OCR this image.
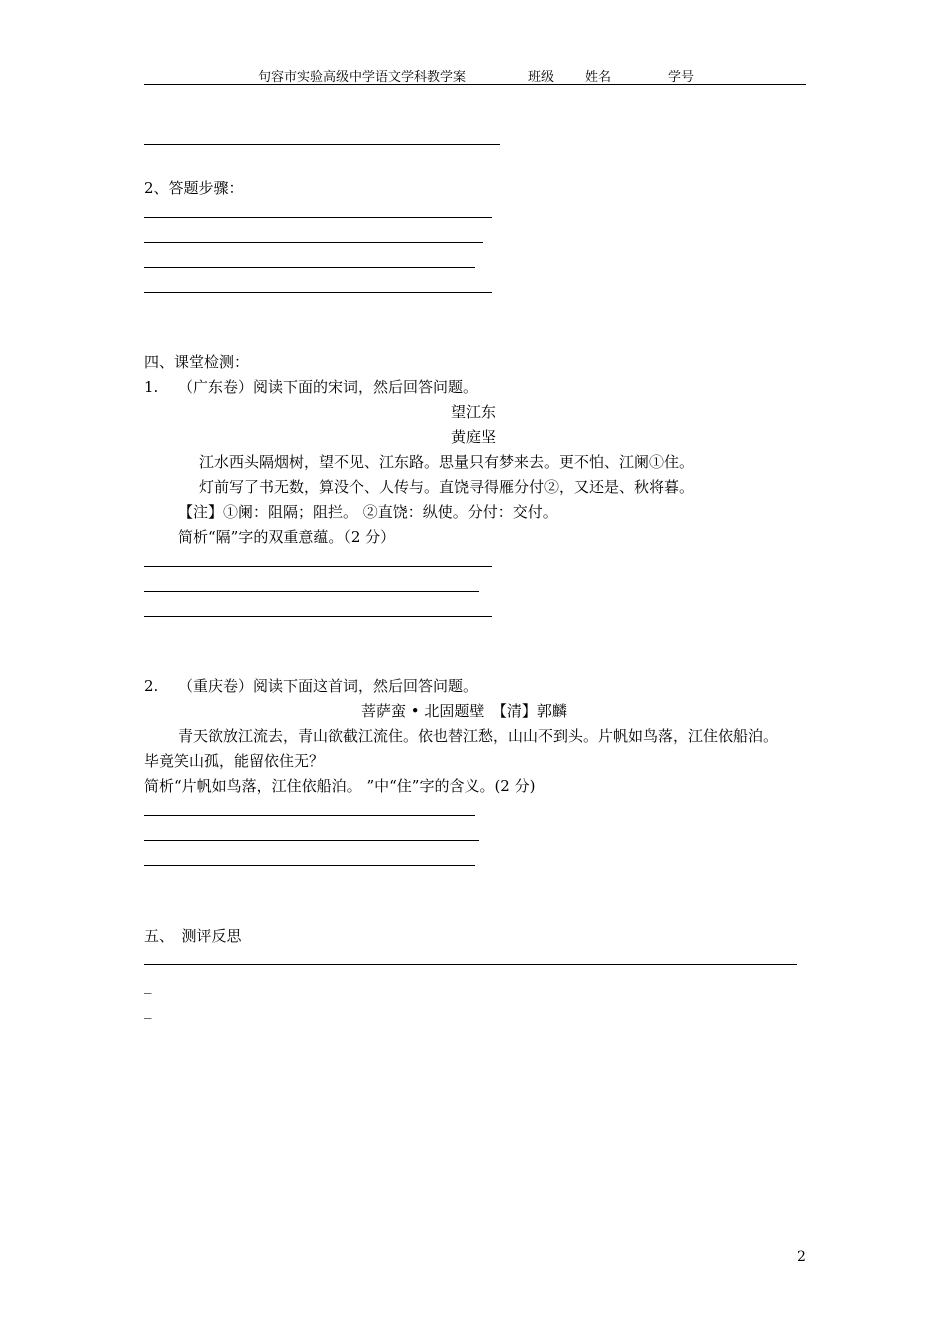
句容市实验高级中学语文学科教学案	班级 姓名	学号
2、答题步骤：
四、课堂检测：
1. （广东卷）阅读下面的宋词，然后回答问题。
望江东
黄庭坚
江水西头隔烟树，望不见、江东路。思量只有梦来去。更不怕、江阑①住。
灯前写了书无数，算没个、人传与。直饶寻得雁分付②，又还是、秋将暮。
【注】①阑：阻隔；阻拦。 ②直饶：纵使。分付：交付。
简析“隔”字的双重意蕴。（2 分）
2. （重庆卷）阅读下面这首词，然后回答问题。
菩萨蛮 • 北固题壁　【清】郭麟
青天欲放江流去，青山欲截江流住。依也替江愁，山山不到头。片帆如鸟落，江住依船泊。
毕竟笑山孤，能留依住无？
简析“片帆如鸟落，江住依船泊。 ”中“住”字的含义。(2 分)
五、　测评反思
_
_
2
